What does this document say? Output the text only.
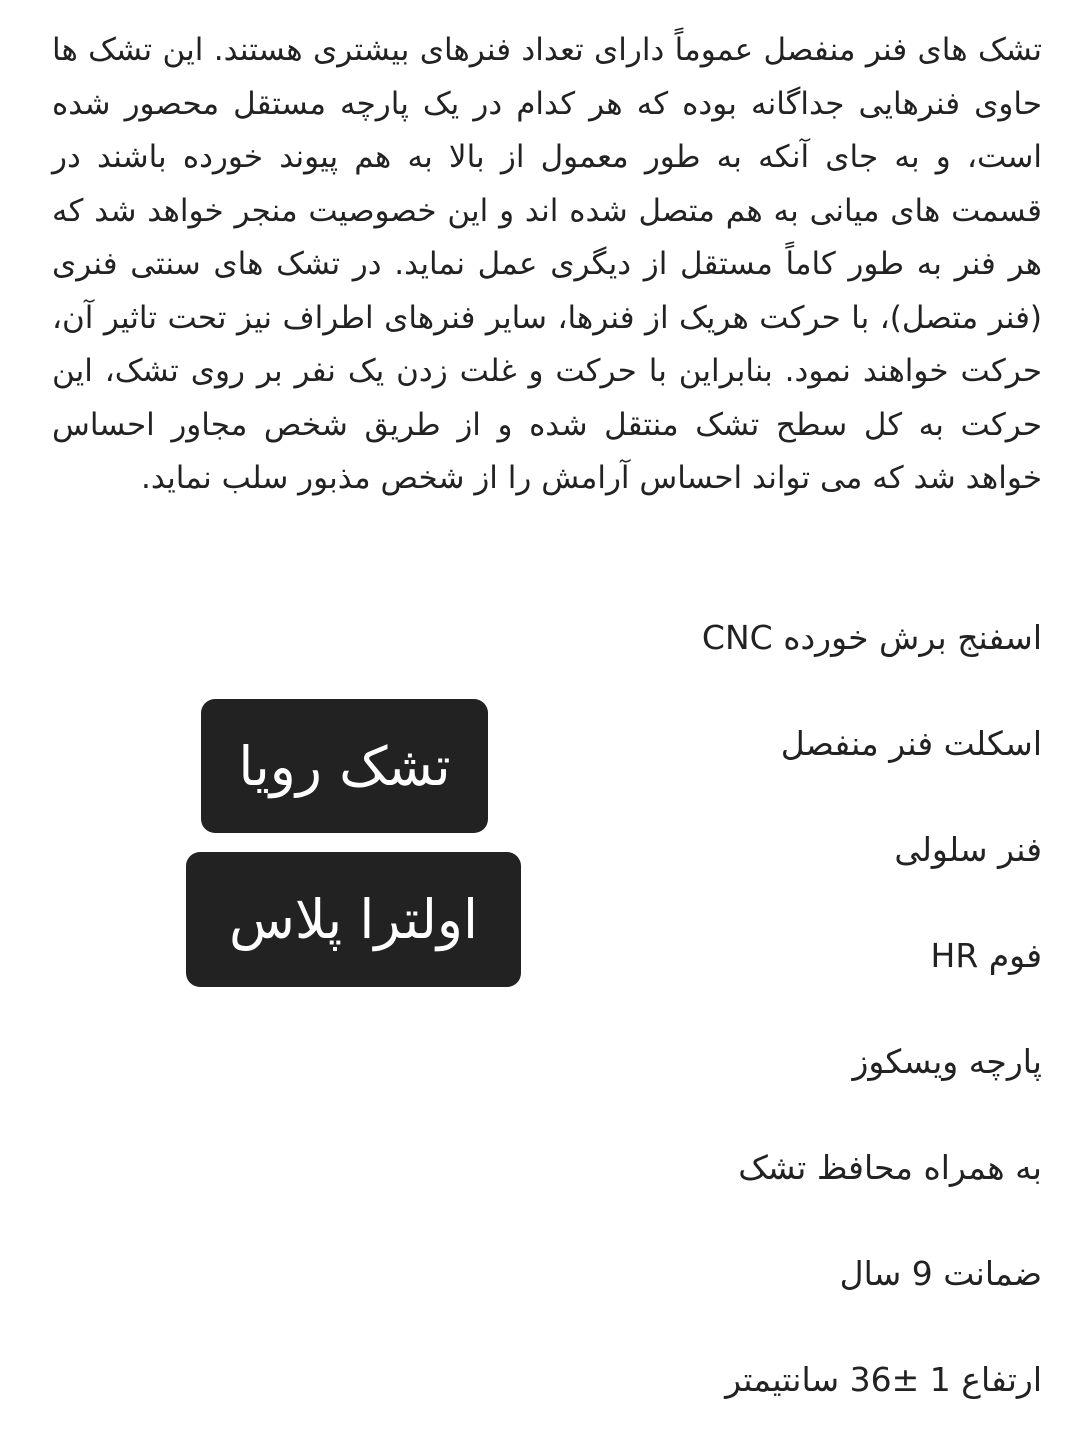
تشک های فنر منفصل عموماً دارای تعداد فنرهای بیشتری هستند. این تشک ها حاوی فنرهایی جداگانه بوده که هر کدام در یک پارچه مستقل محصور شده است، و به جای آنکه به طور معمول از بالا به هم پیوند خورده باشند در قسمت های میانی به هم متصل شده اند و این خصوصیت منجر خواهد شد که هر فنر به طور کاماً مستقل از دیگری عمل نماید. در تشک های سنتی فنری (فنر متصل)، با حرکت هریک از فنرها، سایر فنرهای اطراف نیز تحت تاثیر آن، حرکت خواهند نمود. بنابراین با حرکت و غلت زدن یک نفر بر روی تشک، این حرکت به کل سطح تشک منتقل شده و از طریق شخص مجاور احساس خواهد شد که می تواند احساس آرامش را از شخص مذبور سلب نماید.

اسفنج برش خورده CNC
اسکلت فنر منفصل
فنر سلولی
فوم HR
پارچه ویسکوز
به همراه محافظ تشک
ضمانت 9 سال
ارتفاع 1 ±36 سانتیمتر
تشک رویا
اولترا پلاس
